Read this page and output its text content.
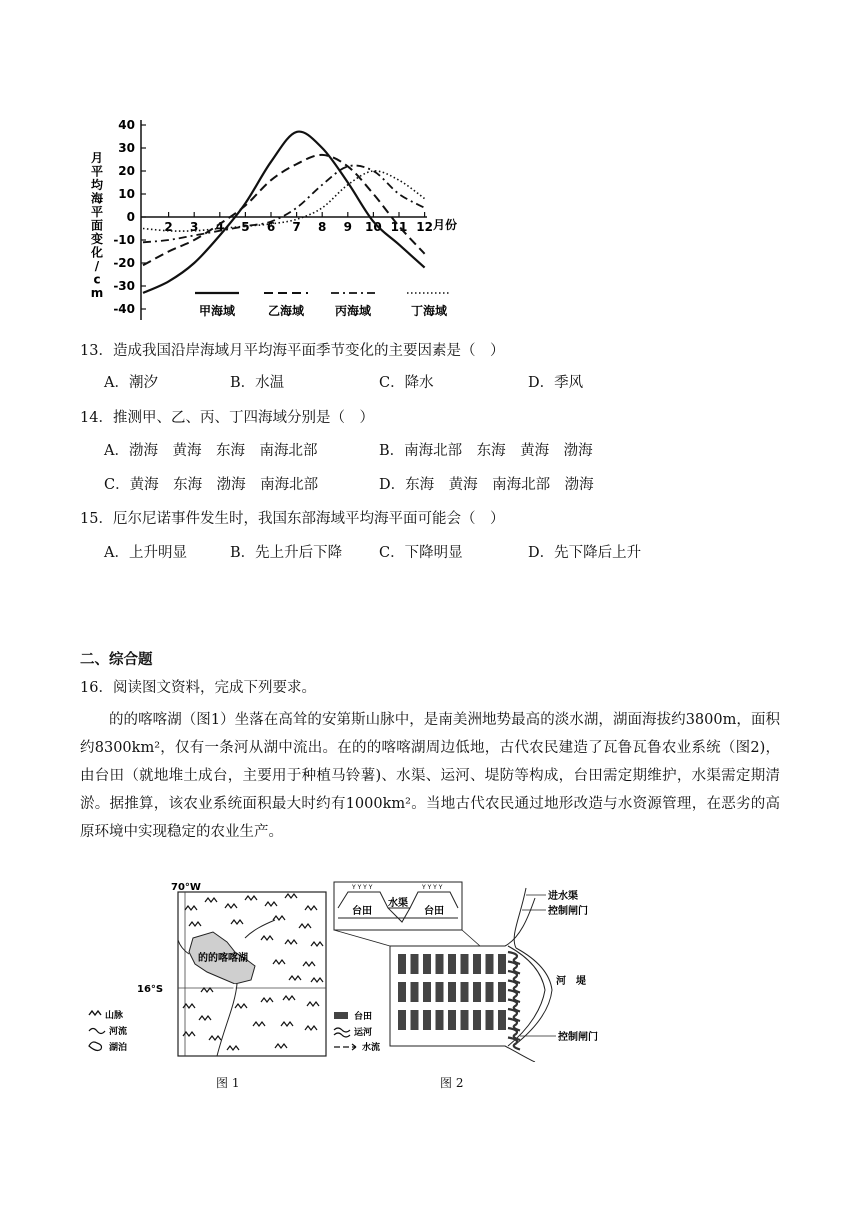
40
30
20
10
0
-10
-20
-30
-40
2 3 4 5 6 7 8 9 10 11 12
月
平
均
海
平
面
变
化
/
c
m
月份
甲海域	乙海域	丙海域	丁海域
13．造成我国沿岸海域月平均海平面季节变化的主要因素是（　）
A．潮汐	B．水温	C．降水	D．季风
14．推测甲、乙、丙、丁四海域分别是（　）
A．渤海　黄海　东海　南海北部	B．南海北部　东海　黄海　渤海
C．黄海　东海　渤海　南海北部	D．东海　黄海　南海北部　渤海
15．厄尔尼诺事件发生时，我国东部海域平均海平面可能会（　）
A．上升明显	B．先上升后下降	C．下降明显	D．先下降后上升
二、综合题
16．阅读图文资料，完成下列要求。
的的喀喀湖（图1）坐落在高耸的安第斯山脉中，是南美洲地势最高的淡水湖，湖面海拔约3800m，面积约8300km²，仅有一条河从湖中流出。在的的喀喀湖周边低地，古代农民建造了瓦鲁瓦鲁农业系统（图2)，由台田（就地堆土成台，主要用于种植马铃薯)、水渠、运河、堤防等构成，台田需定期维护，水渠需定期清淤。据推算，该农业系统面积最大时约有1000km²。当地古代农民通过地形改造与水资源管理，在恶劣的高原环境中实现稳定的农业生产。
70°W
16°S
的的喀喀湖
山脉
河流
湖泊
图 1
台田
水渠
台田
Y Y Y Y	Y Y Y Y
进水渠
控制闸门
河　堤
控制闸门
台田
运河
水流
图 2
